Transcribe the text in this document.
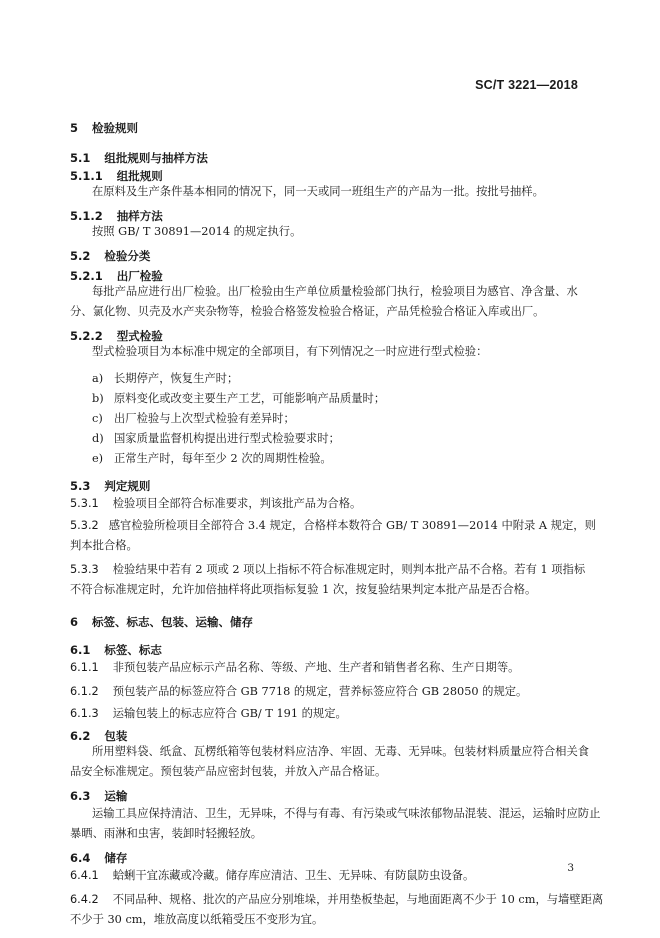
SC/T 3221—2018
5 检验规则
5.1 组批规则与抽样方法
5.1.1 组批规则
在原料及生产条件基本相同的情况下，同一天或同一班组生产的产品为一批。按批号抽样。
5.1.2 抽样方法
按照 GB/ T 30891—2014 的规定执行。
5.2 检验分类
5.2.1 出厂检验
每批产品应进行出厂检验。出厂检验由生产单位质量检验部门执行，检验项目为感官、净含量、水
分、氯化物、贝壳及水产夹杂物等，检验合格签发检验合格证，产品凭检验合格证入库或出厂。
5.2.2 型式检验
型式检验项目为本标准中规定的全部项目，有下列情况之一时应进行型式检验：
a) 长期停产，恢复生产时；
b) 原料变化或改变主要生产工艺，可能影响产品质量时；
c) 出厂检验与上次型式检验有差异时；
d) 国家质量监督机构提出进行型式检验要求时；
e) 正常生产时，每年至少 2 次的周期性检验。
5.3 判定规则
5.3.1 检验项目全部符合标准要求，判该批产品为合格。
5.3.2 感官检验所检项目全部符合 3.4 规定，合格样本数符合 GB/ T 30891—2014 中附录 A 规定，则
判本批合格。
5.3.3 检验结果中若有 2 项或 2 项以上指标不符合标准规定时，则判本批产品不合格。若有 1 项指标
不符合标准规定时，允许加倍抽样将此项指标复验 1 次，按复验结果判定本批产品是否合格。
6 标签、标志、包装、运输、储存
6.1 标签、标志
6.1.1 非预包装产品应标示产品名称、等级、产地、生产者和销售者名称、生产日期等。
6.1.2 预包装产品的标签应符合 GB 7718 的规定，营养标签应符合 GB 28050 的规定。
6.1.3 运输包装上的标志应符合 GB/ T 191 的规定。
6.2 包装
所用塑料袋、纸盒、瓦楞纸箱等包装材料应洁净、牢固、无毒、无异味。包装材料质量应符合相关食
品安全标准规定。预包装产品应密封包装，并放入产品合格证。
6.3 运输
运输工具应保持清洁、卫生，无异味，不得与有毒、有污染或气味浓郁物品混装、混运，运输时应防止
暴晒、雨淋和虫害，装卸时轻搬轻放。
6.4 储存
6.4.1 蛤蜊干宜冻藏或冷藏。储存库应清洁、卫生、无异味、有防鼠防虫设备。
6.4.2 不同品种、规格、批次的产品应分别堆垛，并用垫板垫起，与地面距离不少于 10 cm，与墙壁距离
不少于 30 cm，堆放高度以纸箱受压不变形为宜。
3
